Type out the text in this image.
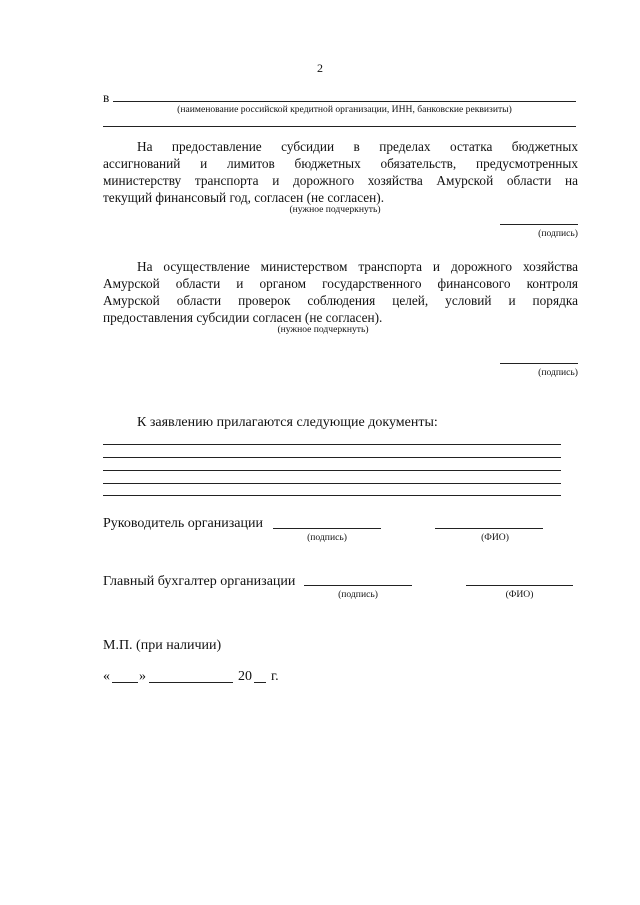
2
в
(наименование российской кредитной организации, ИНН, банковские реквизиты)
На предоставление субсидии в пределах остатка бюджетных
ассигнований и лимитов бюджетных обязательств, предусмотренных
министерству транспорта и дорожного хозяйства Амурской области на
текущий финансовый год, согласен (не согласен).
(нужное подчеркнуть)
(подпись)
На осуществление министерством транспорта и дорожного хозяйства
Амурской области и органом государственного финансового контроля
Амурской области проверок соблюдения целей, условий и порядка
предоставления субсидии согласен (не согласен).
(нужное подчеркнуть)
(подпись)
К заявлению прилагаются следующие документы:
Руководитель организации
(подпись)	(ФИО)
Главный бухгалтер организации
(подпись)	(ФИО)
М.П. (при наличии)
« »	20 г.
